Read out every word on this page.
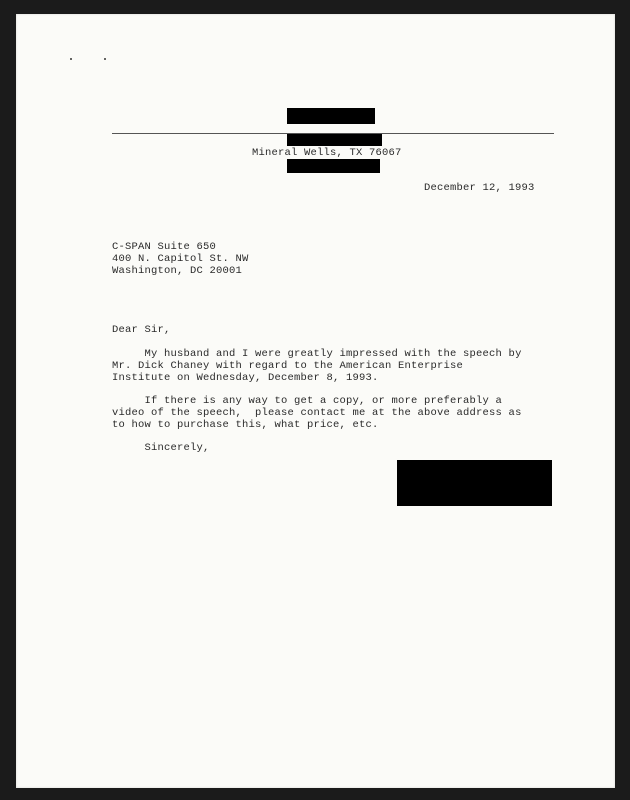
Mineral Wells, TX 76067
December 12, 1993
C-SPAN Suite 650
400 N. Capitol St. NW
Washington, DC 20001
Dear Sir,
My husband and I were greatly impressed with the speech by
Mr. Dick Chaney with regard to the American Enterprise
Institute on Wednesday, December 8, 1993.
If there is any way to get a copy, or more preferably a
video of the speech,  please contact me at the above address as
to how to purchase this, what price, etc.
Sincerely,
